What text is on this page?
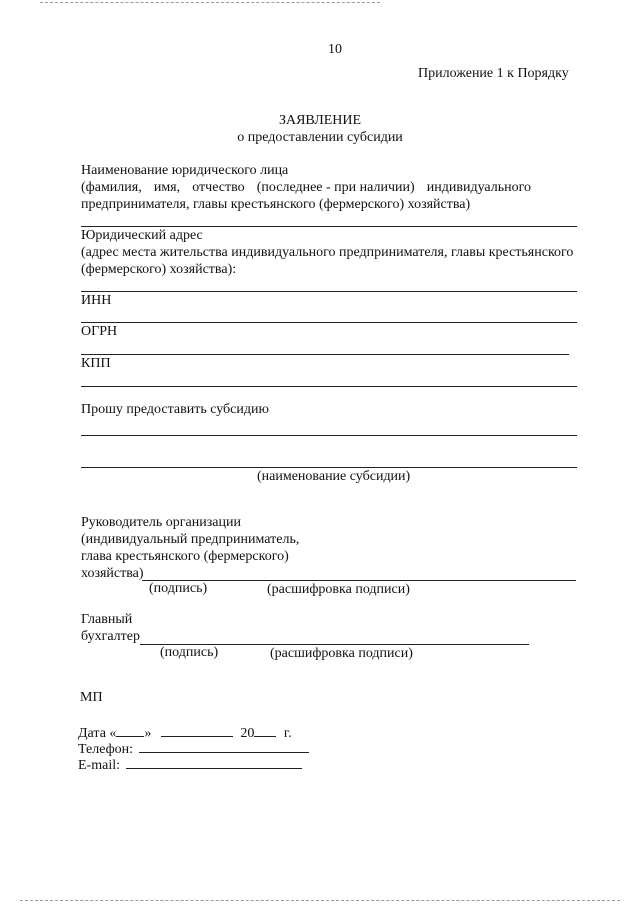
10
Приложение 1 к Порядку
ЗАЯВЛЕНИЕ
о предоставлении субсидии
Наименование юридического лица
(фамилия, имя, отчество (последнее - при наличии) индивидуального
предпринимателя, главы крестьянского (фермерского) хозяйства)
Юридический адрес
(адрес места жительства индивидуального предпринимателя, главы крестьянского
(фермерского) хозяйства):
ИНН
ОГРН
КПП
Прошу предоставить субсидию
(наименование субсидии)
Руководитель организации
(индивидуальный предприниматель,
глава крестьянского (фермерского)
хозяйства)
(подпись)	(расшифровка подписи)
Главный
бухгалтер
(подпись)	(расшифровка подписи)
МП
Дата « »	20 г.
Телефон:
E-mail:
